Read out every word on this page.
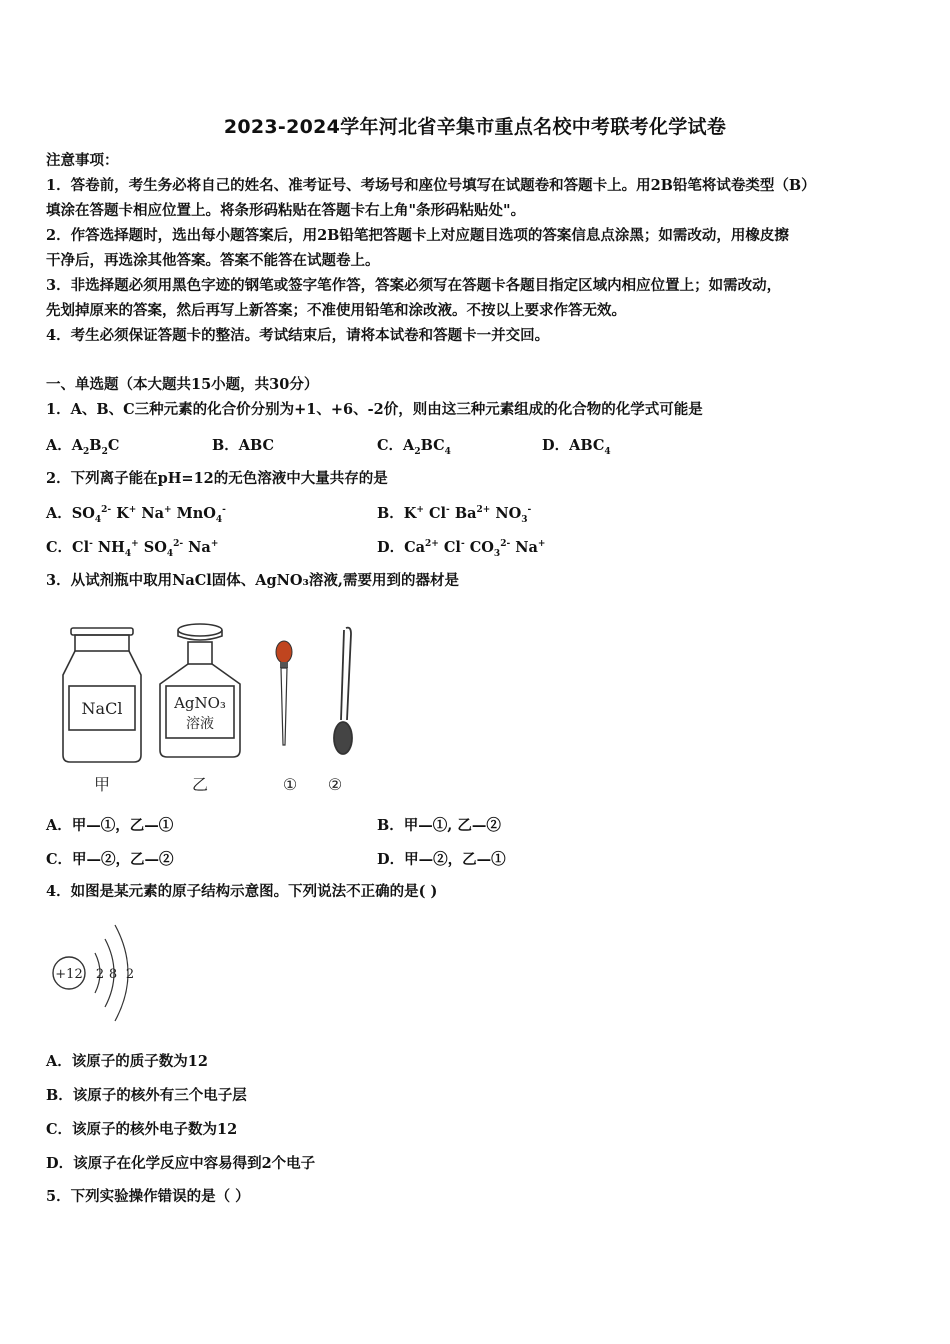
2023-2024学年河北省辛集市重点名校中考联考化学试卷
注意事项：
1．答卷前，考生务必将自己的姓名、准考证号、考场号和座位号填写在试题卷和答题卡上。用2B铅笔将试卷类型（B）
填涂在答题卡相应位置上。将条形码粘贴在答题卡右上角"条形码粘贴处"。
2．作答选择题时，选出每小题答案后，用2B铅笔把答题卡上对应题目选项的答案信息点涂黑；如需改动，用橡皮擦
干净后，再选涂其他答案。答案不能答在试题卷上。
3．非选择题必须用黑色字迹的钢笔或签字笔作答，答案必须写在答题卡各题目指定区域内相应位置上；如需改动，
先划掉原来的答案，然后再写上新答案；不准使用铅笔和涂改液。不按以上要求作答无效。
4．考生必须保证答题卡的整洁。考试结束后，请将本试卷和答题卡一并交回。
一、单选题（本大题共15小题，共30分）
1．A、B、C三种元素的化合价分别为+1、+6、-2价，则由这三种元素组成的化合物的化学式可能是
A．$A_2B_2C$	B．ABC	C．$A_2BC_4$	D．$ABC_4$
2．下列离子能在pH=12的无色溶液中大量共存的是
A．$SO_4^{2-}$ K+ Na+ MnO$_4$-	B．K+ Cl- $Ba^{2+}$ $NO_3^-$
C．Cl- $NH_4^+$ $SO_4^{2-}$ Na+	D．$Ca^{2+}$ Cl- $CO_3^{2-}$ Na+
3．从试剂瓶中取用NaCl固体、AgNO₃溶液,需要用到的器材是
NaCl
甲
AgNO₃
溶液
乙	① ②
A．甲—①，乙—①	B．甲—①, 乙—②
C．甲—②，乙—②	D．甲—②，乙—①
4．如图是某元素的原子结构示意图。下列说法不正确的是( )
+12 2 8 2
A．该原子的质子数为12
B．该原子的核外有三个电子层
C．该原子的核外电子数为12
D．该原子在化学反应中容易得到2个电子
5．下列实验操作错误的是（ ）
